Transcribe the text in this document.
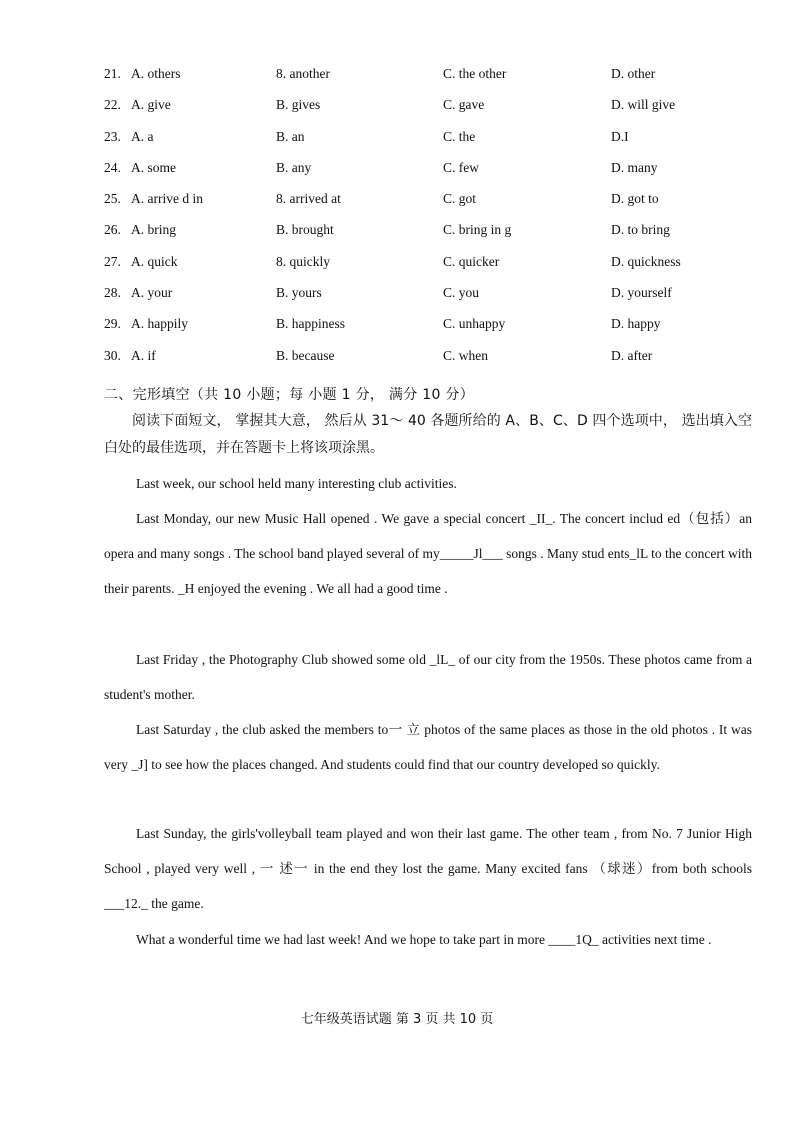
21. A. others	8. another	C. the other	D. other
22. A. give	B. gives	C. gave	D. will give
23. A. a	B. an	C. the	D.I
24. A. some	B. any	C. few	D. many
25. A. arrive d in	8. arrived at	C. got	D. got to
26. A. bring	B. brought	C. bring in g	D. to bring
27. A. quick	8. quickly	C. quicker	D. quickness
28. A. your	B. yours	C. you	D. yourself
29. A. happily	B. happiness	C. unhappy	D. happy
30. A. if	B. because	C. when	D. after
二、完形填空（共 10 小题；每 小题 1 分， 满分 10 分）
阅读下面短文， 掌握其大意， 然后从 31～ 40 各题所给的 A、B、C、D 四个选项中， 选出填入空白处的最佳选项，并在答题卡上将该项涂黑。
Last week, our school held many interesting club activities.
Last Monday, our new Music Hall opened . We gave a special concert _II_. The concert includ ed（包括）an opera and many songs . The school band played several of my_____Jl___ songs . Many stud ents_lL to the concert with their parents. _H enjoyed the evening . We all had a good time .
Last Friday , the Photography Club showed some old _lL_ of our city from the 1950s. These photos came from a student's mother.
Last Saturday , the club asked the members to一 立 photos of the same places as those in the old photos . It was very _J] to see how the places changed. And students could find that our country developed so quickly.
Last Sunday, the girls'volleyball team played and won their last game. The other team , from No. 7 Junior High School , played very well , 一 述一 in the end they lost the game. Many excited fans （球迷）from both schools ___12._ the game.
What a wonderful time we had last week! And we hope to take part in more ____1Q_ activities next time .
七年级英语试题 第 3 页 共 10 页
